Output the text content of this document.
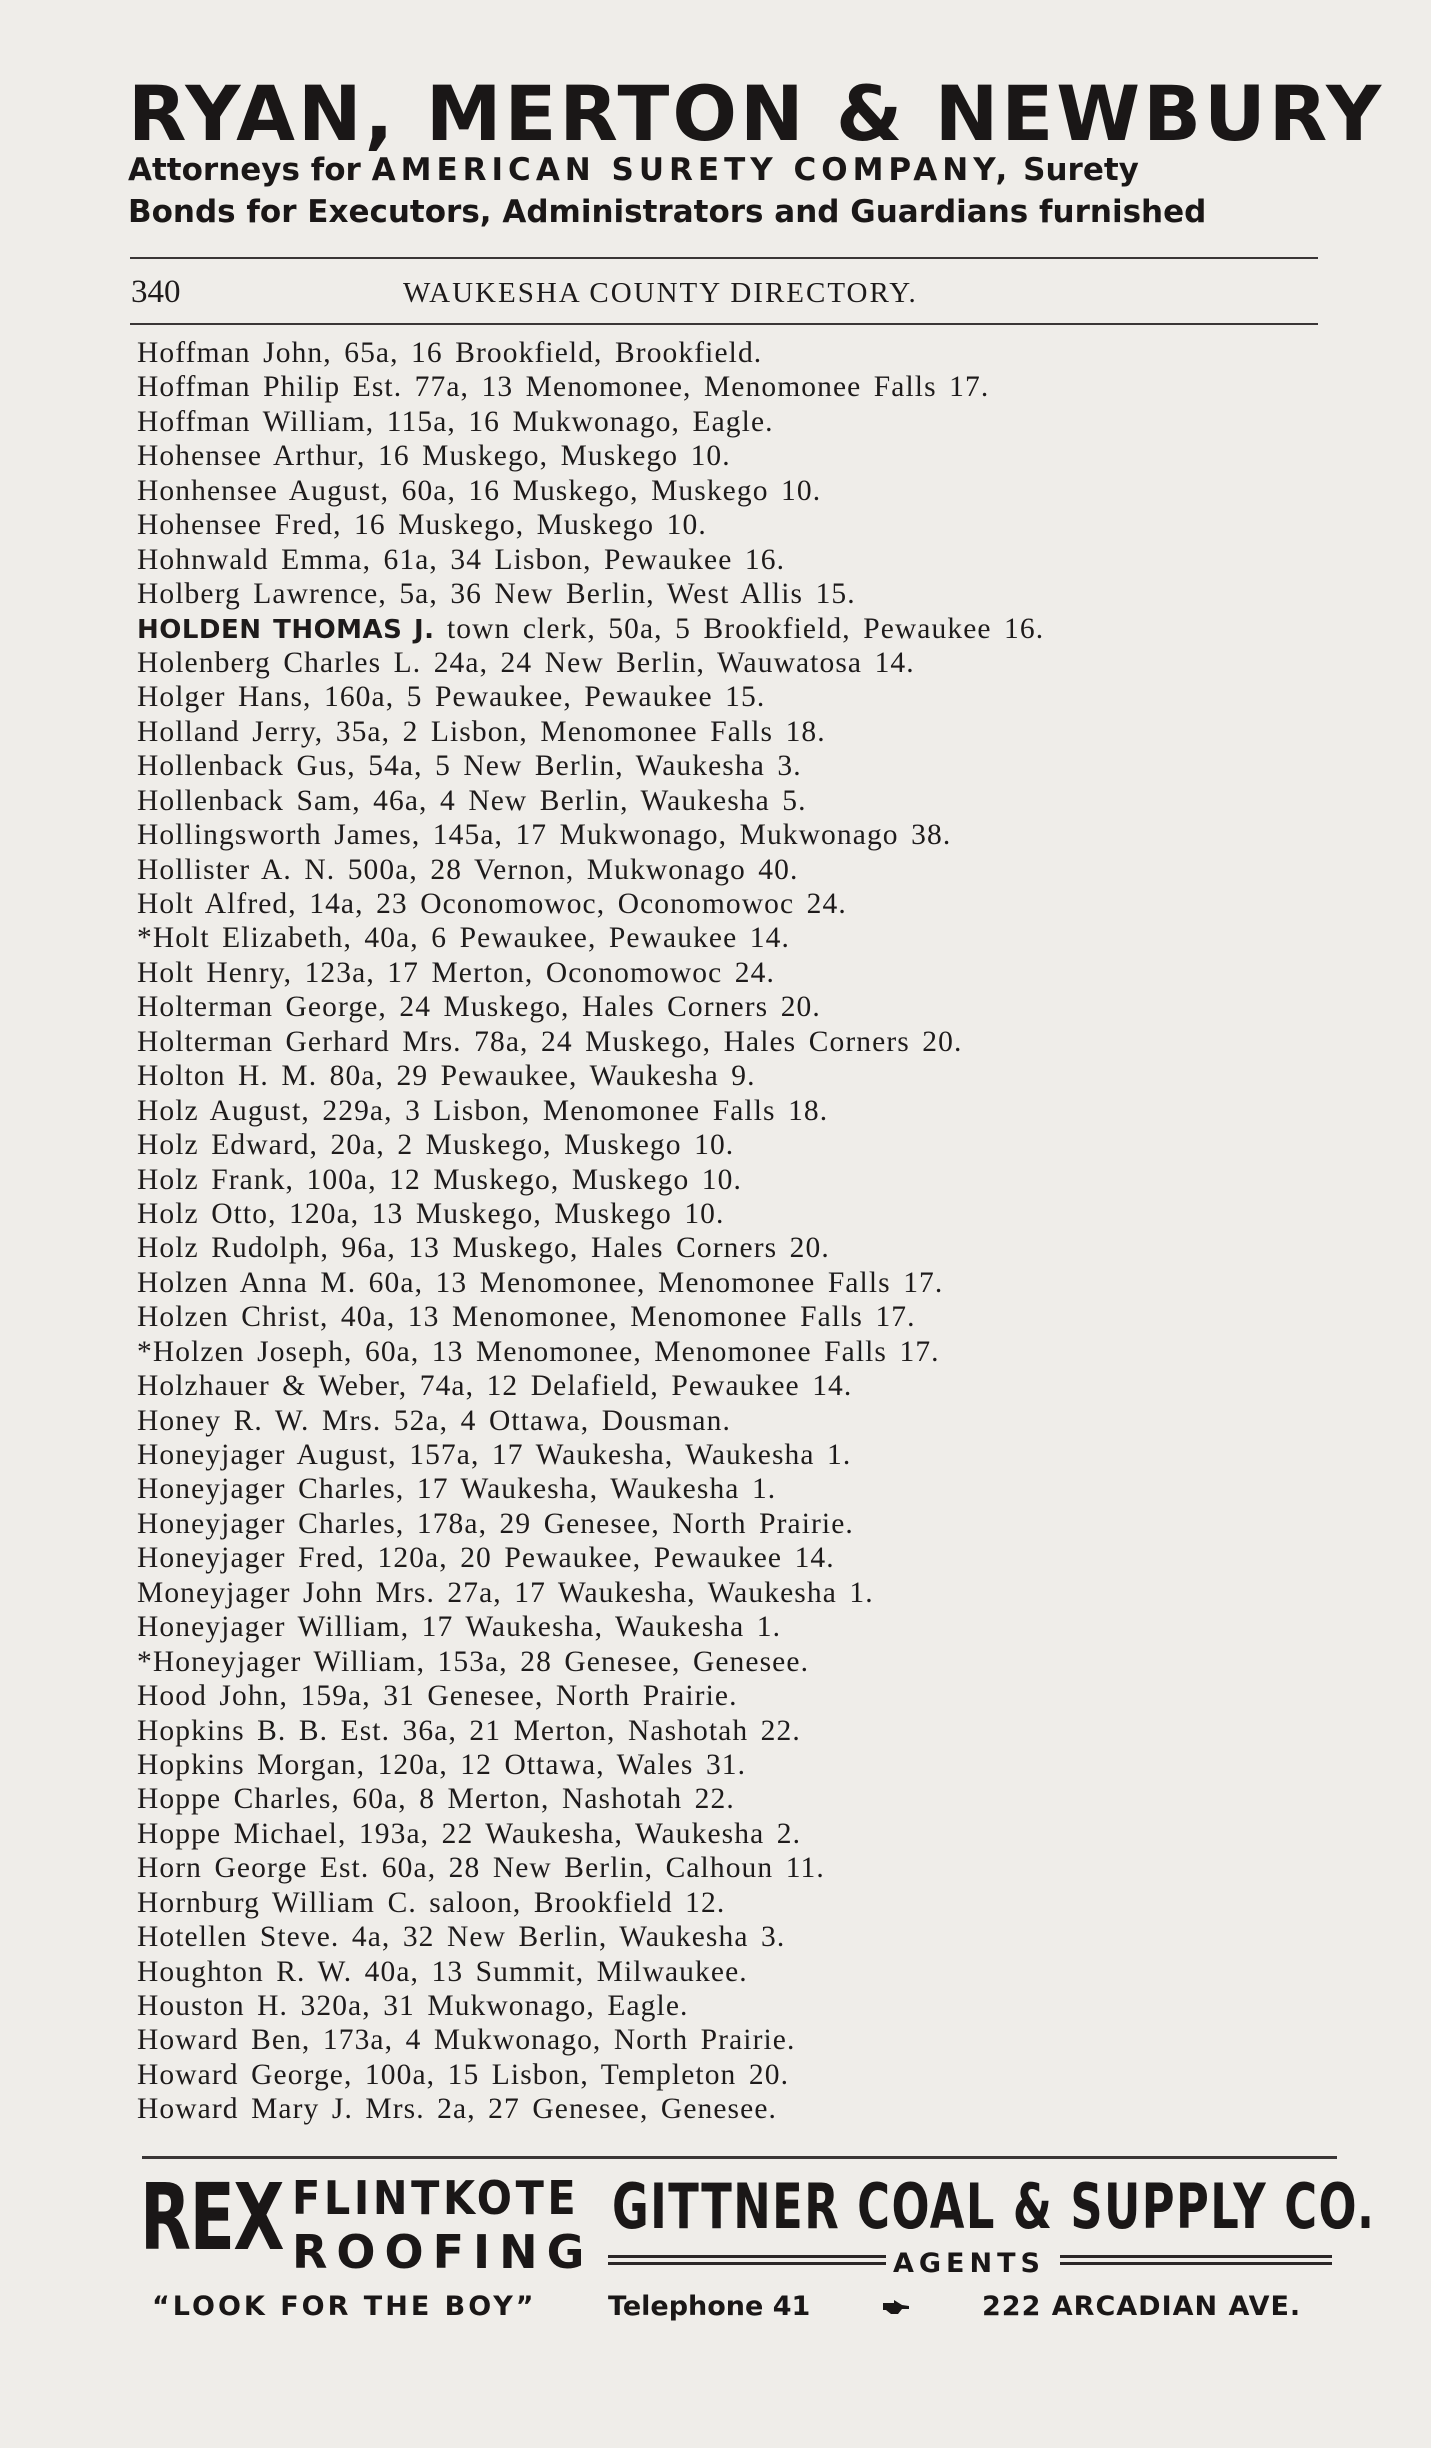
RYAN, MERTON & NEWBURY
Attorneys for AMERICAN SURETY COMPANY, Surety
Bonds for Executors, Administrators and Guardians furnished
340	WAUKESHA COUNTY DIRECTORY.
Hoffman John, 65a, 16 Brookfield, Brookfield.
Hoffman Philip Est. 77a, 13 Menomonee, Menomonee Falls 17.
Hoffman William, 115a, 16 Mukwonago, Eagle.
Hohensee Arthur, 16 Muskego, Muskego 10.
Honhensee August, 60a, 16 Muskego, Muskego 10.
Hohensee Fred, 16 Muskego, Muskego 10.
Hohnwald Emma, 61a, 34 Lisbon, Pewaukee 16.
Holberg Lawrence, 5a, 36 New Berlin, West Allis 15.
HOLDEN THOMAS J. town clerk, 50a, 5 Brookfield, Pewaukee 16.
Holenberg Charles L. 24a, 24 New Berlin, Wauwatosa 14.
Holger Hans, 160a, 5 Pewaukee, Pewaukee 15.
Holland Jerry, 35a, 2 Lisbon, Menomonee Falls 18.
Hollenback Gus, 54a, 5 New Berlin, Waukesha 3.
Hollenback Sam, 46a, 4 New Berlin, Waukesha 5.
Hollingsworth James, 145a, 17 Mukwonago, Mukwonago 38.
Hollister A. N. 500a, 28 Vernon, Mukwonago 40.
Holt Alfred, 14a, 23 Oconomowoc, Oconomowoc 24.
*Holt Elizabeth, 40a, 6 Pewaukee, Pewaukee 14.
Holt Henry, 123a, 17 Merton, Oconomowoc 24.
Holterman George, 24 Muskego, Hales Corners 20.
Holterman Gerhard Mrs. 78a, 24 Muskego, Hales Corners 20.
Holton H. M. 80a, 29 Pewaukee, Waukesha 9.
Holz August, 229a, 3 Lisbon, Menomonee Falls 18.
Holz Edward, 20a, 2 Muskego, Muskego 10.
Holz Frank, 100a, 12 Muskego, Muskego 10.
Holz Otto, 120a, 13 Muskego, Muskego 10.
Holz Rudolph, 96a, 13 Muskego, Hales Corners 20.
Holzen Anna M. 60a, 13 Menomonee, Menomonee Falls 17.
Holzen Christ, 40a, 13 Menomonee, Menomonee Falls 17.
*Holzen Joseph, 60a, 13 Menomonee, Menomonee Falls 17.
Holzhauer & Weber, 74a, 12 Delafield, Pewaukee 14.
Honey R. W. Mrs. 52a, 4 Ottawa, Dousman.
Honeyjager August, 157a, 17 Waukesha, Waukesha 1.
Honeyjager Charles, 17 Waukesha, Waukesha 1.
Honeyjager Charles, 178a, 29 Genesee, North Prairie.
Honeyjager Fred, 120a, 20 Pewaukee, Pewaukee 14.
Moneyjager John Mrs. 27a, 17 Waukesha, Waukesha 1.
Honeyjager William, 17 Waukesha, Waukesha 1.
*Honeyjager William, 153a, 28 Genesee, Genesee.
Hood John, 159a, 31 Genesee, North Prairie.
Hopkins B. B. Est. 36a, 21 Merton, Nashotah 22.
Hopkins Morgan, 120a, 12 Ottawa, Wales 31.
Hoppe Charles, 60a, 8 Merton, Nashotah 22.
Hoppe Michael, 193a, 22 Waukesha, Waukesha 2.
Horn George Est. 60a, 28 New Berlin, Calhoun 11.
Hornburg William C. saloon, Brookfield 12.
Hotellen Steve. 4a, 32 New Berlin, Waukesha 3.
Houghton R. W. 40a, 13 Summit, Milwaukee.
Houston H. 320a, 31 Mukwonago, Eagle.
Howard Ben, 173a, 4 Mukwonago, North Prairie.
Howard George, 100a, 15 Lisbon, Templeton 20.
Howard Mary J. Mrs. 2a, 27 Genesee, Genesee.
REX FLINTKOTE
ROOFING
GITTNER COAL & SUPPLY CO.
AGENTS
“LOOK FOR THE BOY”	Telephone 41	222 ARCADIAN AVE.
